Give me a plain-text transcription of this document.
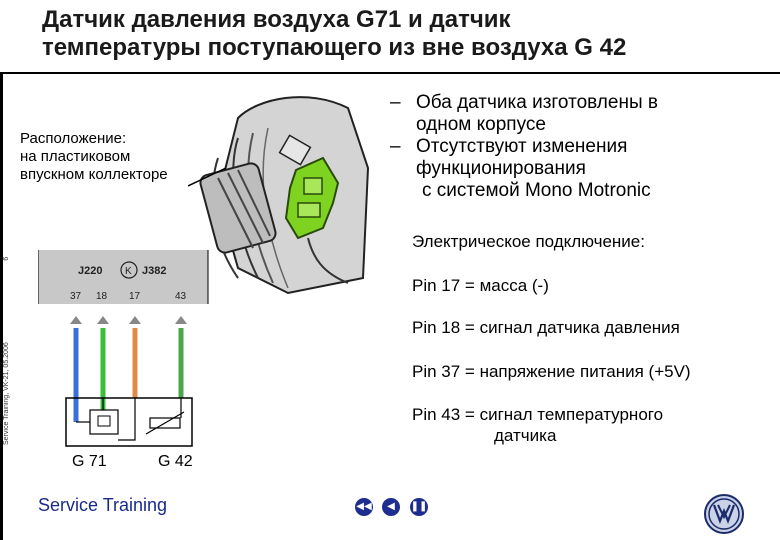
Датчик давления воздуха G71 и датчик
температуры поступающего из вне воздуха G 42
Service Training, VK-21, 05.2006                                          6
Расположение:
на пластиковом
впускном коллекторе
– Оба датчика изготовлены в
одном корпусе
– Отсутствуют изменения
функционирования
с системой Mono Motronic
Электрическое подключение:
Pin 17 = масса (-)
Pin 18 = сигнал датчика давления
Pin 37 = напряжение питания (+5V)
Pin 43 = сигнал температурного
датчика
J220 K J382
37 18 17	43
G 71	G 42
Service Training	◀◀	◀	❚❚
